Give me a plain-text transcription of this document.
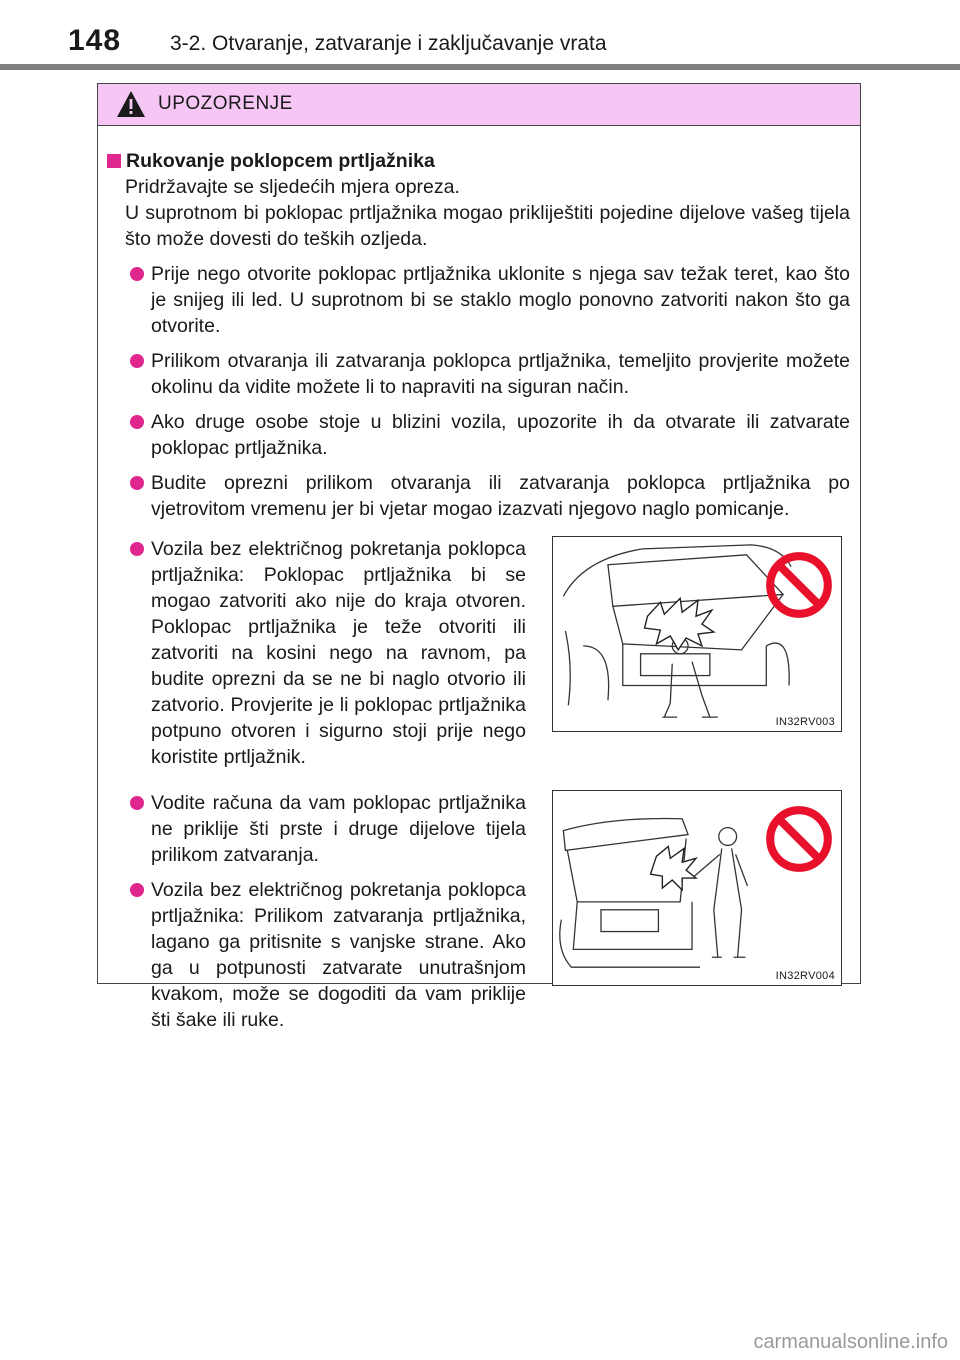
148 3-2. Otvaranje, zatvaranje i zaključavanje vrata
UPOZORENJE
Rukovanje poklopcem prtljažnika

Pridržavajte se sljedećih mjera opreza.

U suprotnom bi poklopac prtljažnika mogao prikliještiti pojedine dijelove vašeg tijela što može dovesti do teških ozljeda.

Prije nego otvorite poklopac prtljažnika uklonite s njega sav težak teret, kao što je snijeg ili led. U suprotnom bi se staklo moglo ponovno zatvoriti nakon što ga otvorite.
Prilikom otvaranja ili zatvaranja poklopca prtljažnika, temeljito provjerite možete okolinu da vidite možete li to napraviti na siguran način.
Ako druge osobe stoje u blizini vozila, upozorite ih da otvarate ili zatvarate poklopac prtljažnika.
Budite oprezni prilikom otvaranja ili zatvaranja poklopca prtljažnika po vjetrovitom vremenu jer bi vjetar mogao izazvati njegovo naglo pomicanje.
Vozila bez električnog pokretanja poklopca prtljažnika: Poklopac prtljažnika bi se mogao zatvoriti ako nije do kraja otvoren. Poklopac prtljažnika je teže otvoriti ili zatvoriti na kosini nego na ravnom, pa budite oprezni da se ne bi naglo otvorio ili zatvorio. Provjerite je li poklopac prtljažnika potpuno otvoren i sigurno stoji prije nego koristite prtljažnik.
IN32RV003
Vodite računa da vam poklopac prtljažnika ne priklije šti prste i druge dijelove tijela prilikom zatvaranja.
Vozila bez električnog pokretanja poklopca prtljažnika: Prilikom zatvaranja prtljažnika, lagano ga pritisnite s vanjske strane. Ako ga u potpunosti zatvarate unutrašnjom kvakom, može se dogoditi da vam priklije šti šake ili ruke.
IN32RV004
carmanualsonline.info
